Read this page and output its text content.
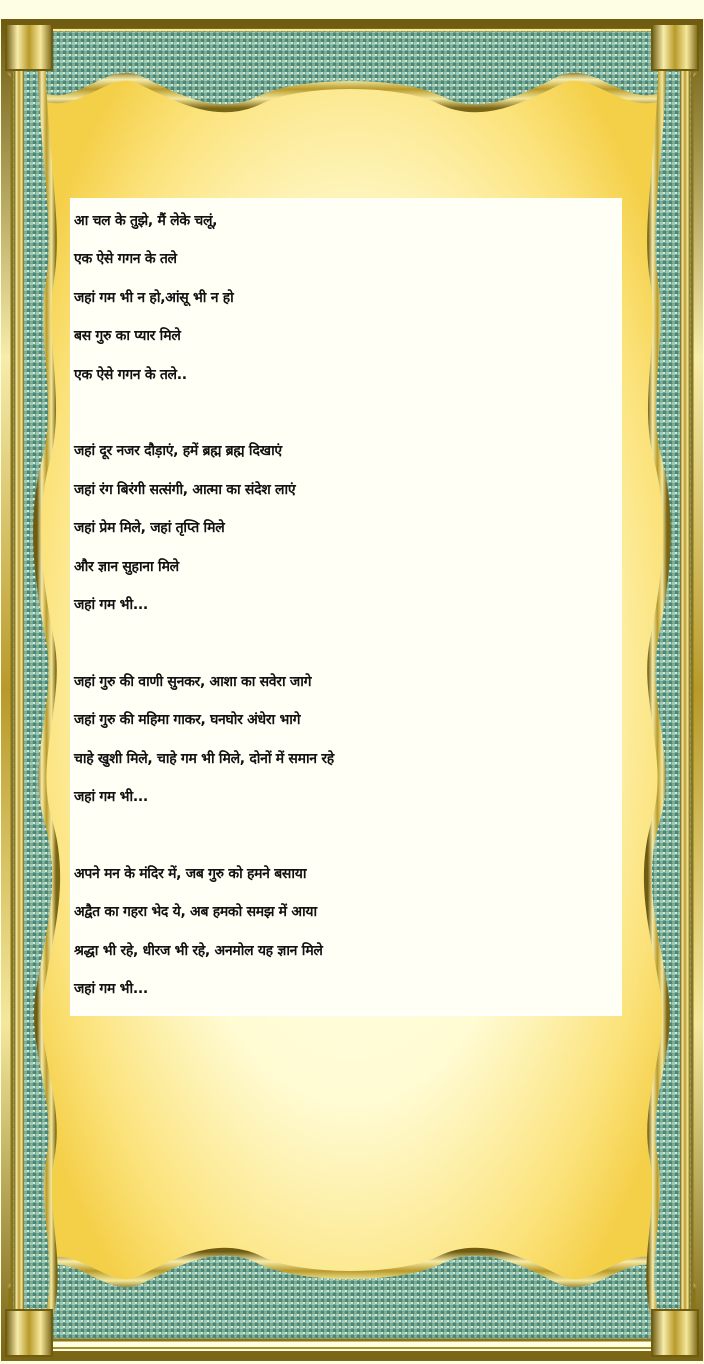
आ चल के तुझे, मैं लेके चलूं,
एक ऐसे गगन के तले
जहां गम भी न हो,आंसू भी न हो
बस गुरु का प्यार मिले
एक ऐसे गगन के तले..
जहां दूर नजर दौड़ाएं, हमें ब्रह्म ब्रह्म दिखाएं
जहां रंग बिरंगी सत्संगी, आत्मा का संदेश लाएं
जहां प्रेम मिले, जहां तृप्ति मिले
और ज्ञान सुहाना मिले
जहां गम भी...
जहां गुरु की वाणी सुनकर, आशा का सवेरा जागे
जहां गुरु की महिमा गाकर, घनघोर अंधेरा भागे
चाहे खुशी मिले, चाहे गम भी मिले, दोनों में समान रहे
जहां गम भी...
अपने मन के मंदिर में, जब गुरु को हमने बसाया
अद्वैत का गहरा भेद ये, अब हमको समझ में आया
श्रद्धा भी रहे, धीरज भी रहे, अनमोल यह ज्ञान मिले
जहां गम भी...
